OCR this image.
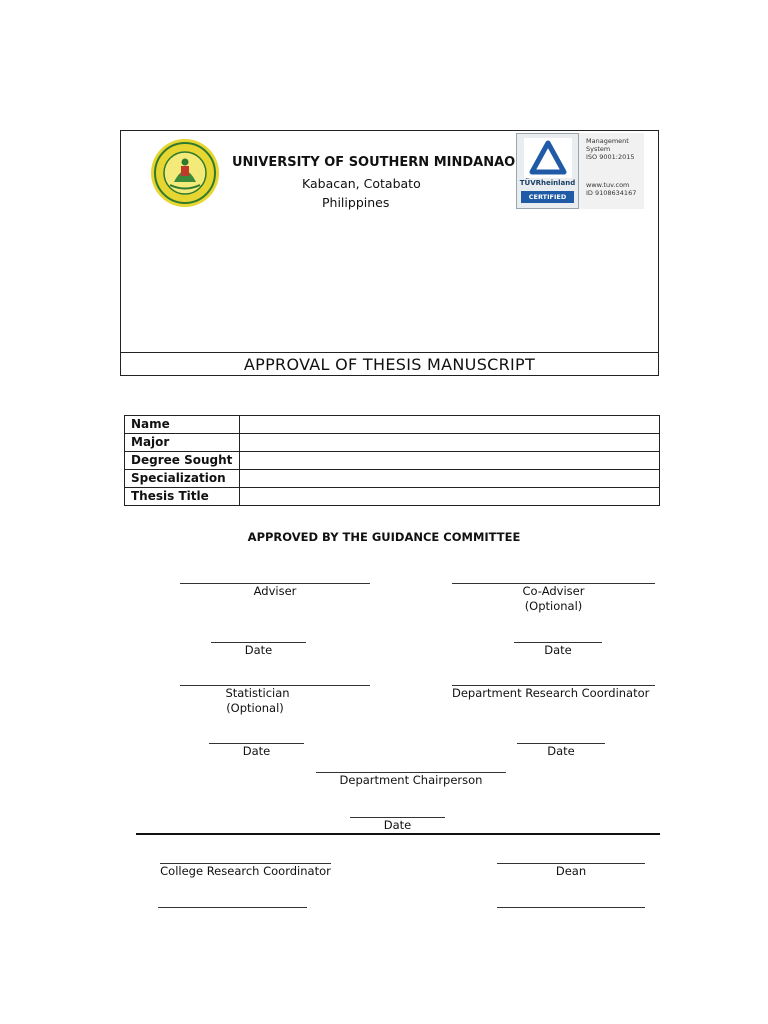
APPROVAL OF THESIS MANUSCRIPT
UNIVERSITY OF SOUTHERN MINDANAO
Kabacan, Cotabato
Philippines
TÜVRheinland
CERTIFIED
Management
System
ISO 9001:2015
www.tuv.com
ID 9108634167
Name	
Major	
Degree Sought	
Specialization	
Thesis Title	
APPROVED BY THE GUIDANCE COMMITTEE
Adviser	Co-Adviser
(Optional)
Date	Date
Statistician
(Optional)
Department Research Coordinator
Date	Date
Department Chairperson
Date
College Research Coordinator	Dean
